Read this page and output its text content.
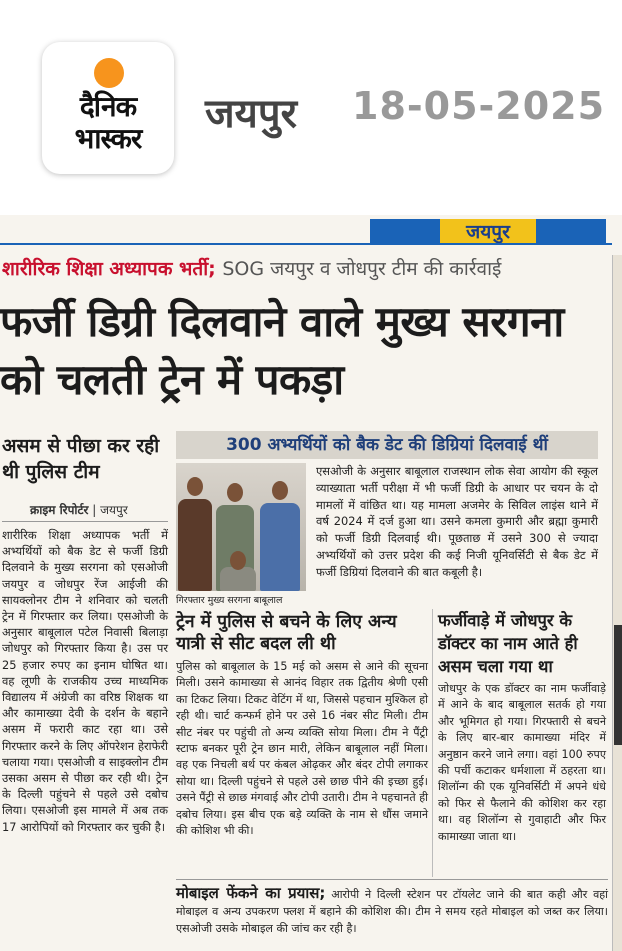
दैनिक
भास्कर
जयपुर 18-05-2025
जयपुर
शारीरिक शिक्षा अध्यापक भर्ती; SOG जयपुर व जोधपुर टीम की कार्रवाई
फर्जी डिग्री दिलवाने वाले मुख्य सरगना को चलती ट्रेन में पकड़ा
असम से पीछा कर रही थी पुलिस टीम
क्राइम रिपोर्टर | जयपुर
शारीरिक शिक्षा अध्यापक भर्ती में अभ्यर्थियों को बैक डेट से फर्जी डिग्री दिलवाने के मुख्य सरगना को एसओजी जयपुर व जोधपुर रेंज आईजी की सायक्लोनर टीम ने शनिवार को चलती ट्रेन में गिरफ्तार कर लिया। एसओजी के अनुसार बाबूलाल पटेल निवासी बिलाड़ा जोधपुर को गिरफ्तार किया है। उस पर 25 हजार रुपए का इनाम घोषित था। वह लूणी के राजकीय उच्च माध्यमिक विद्यालय में अंग्रेजी का वरिष्ठ शिक्षक था और कामाख्या देवी के दर्शन के बहाने असम में फरारी काट रहा था। उसे गिरफ्तार करने के लिए ऑपरेशन हेराफेरी चलाया गया। एसओजी व साइक्लोन टीम उसका असम से पीछा कर रही थी। ट्रेन के दिल्ली पहुंचने से पहले उसे दबोच लिया। एसओजी इस मामले में अब तक 17 आरोपियों को गिरफ्तार कर चुकी है।
300 अभ्यर्थियों को बैक डेट की डिग्रियां दिलवाई थीं
गिरफ्तार मुख्य सरगना बाबूलाल
एसओजी के अनुसार बाबूलाल राजस्थान लोक सेवा आयोग की स्कूल व्याख्याता भर्ती परीक्षा में भी फर्जी डिग्री के आधार पर चयन के दो मामलों में वांछित था। यह मामला अजमेर के सिविल लाइंस थाने में वर्ष 2024 में दर्ज हुआ था। उसने कमला कुमारी और ब्रह्मा कुमारी को फर्जी डिग्री दिलवाई थी। पूछताछ में उसने 300 से ज्यादा अभ्यर्थियों को उत्तर प्रदेश की कई निजी यूनिवर्सिटी से बैक डेट में फर्जी डिग्रियां दिलवाने की बात कबूली है।
ट्रेन में पुलिस से बचने के लिए अन्य यात्री से सीट बदल ली थी
पुलिस को बाबूलाल के 15 मई को असम से आने की सूचना मिली। उसने कामाख्या से आनंद विहार तक द्वितीय श्रेणी एसी का टिकट लिया। टिकट वेटिंग में था, जिससे पहचान मुश्किल हो रही थी। चार्ट कन्फर्म होने पर उसे 16 नंबर सीट मिली। टीम सीट नंबर पर पहुंची तो अन्य व्यक्ति सोया मिला। टीम ने पैंट्री स्टाफ बनकर पूरी ट्रेन छान मारी, लेकिन बाबूलाल नहीं मिला। वह एक निचली बर्थ पर कंबल ओढ़कर और बंदर टोपी लगाकर सोया था। दिल्ली पहुंचने से पहले उसे छाछ पीने की इच्छा हुई। उसने पैंट्री से छाछ मंगवाई और टोपी उतारी। टीम ने पहचानते ही दबोच लिया। इस बीच एक बड़े व्यक्ति के नाम से धौंस जमाने की कोशिश भी की।
फर्जीवाड़े में जोधपुर के डॉक्टर का नाम आते ही असम चला गया था
जोधपुर के एक डॉक्टर का नाम फर्जीवाड़े में आने के बाद बाबूलाल सतर्क हो गया और भूमिगत हो गया। गिरफ्तारी से बचने के लिए बार-बार कामाख्या मंदिर में अनुष्ठान करने जाने लगा। वहां 100 रुपए की पर्ची कटाकर धर्मशाला में ठहरता था। शिलॉन्ग की एक यूनिवर्सिटी में अपने धंधे को फिर से फैलाने की कोशिश कर रहा था। वह शिलॉन्ग से गुवाहाटी और फिर कामाख्या जाता था।
मोबाइल फेंकने का प्रयास; आरोपी ने दिल्ली स्टेशन पर टॉयलेट जाने की बात कही और वहां मोबाइल व अन्य उपकरण फ्लश में बहाने की कोशिश की। टीम ने समय रहते मोबाइल को जब्त कर लिया। एसओजी उसके मोबाइल की जांच कर रही है।
